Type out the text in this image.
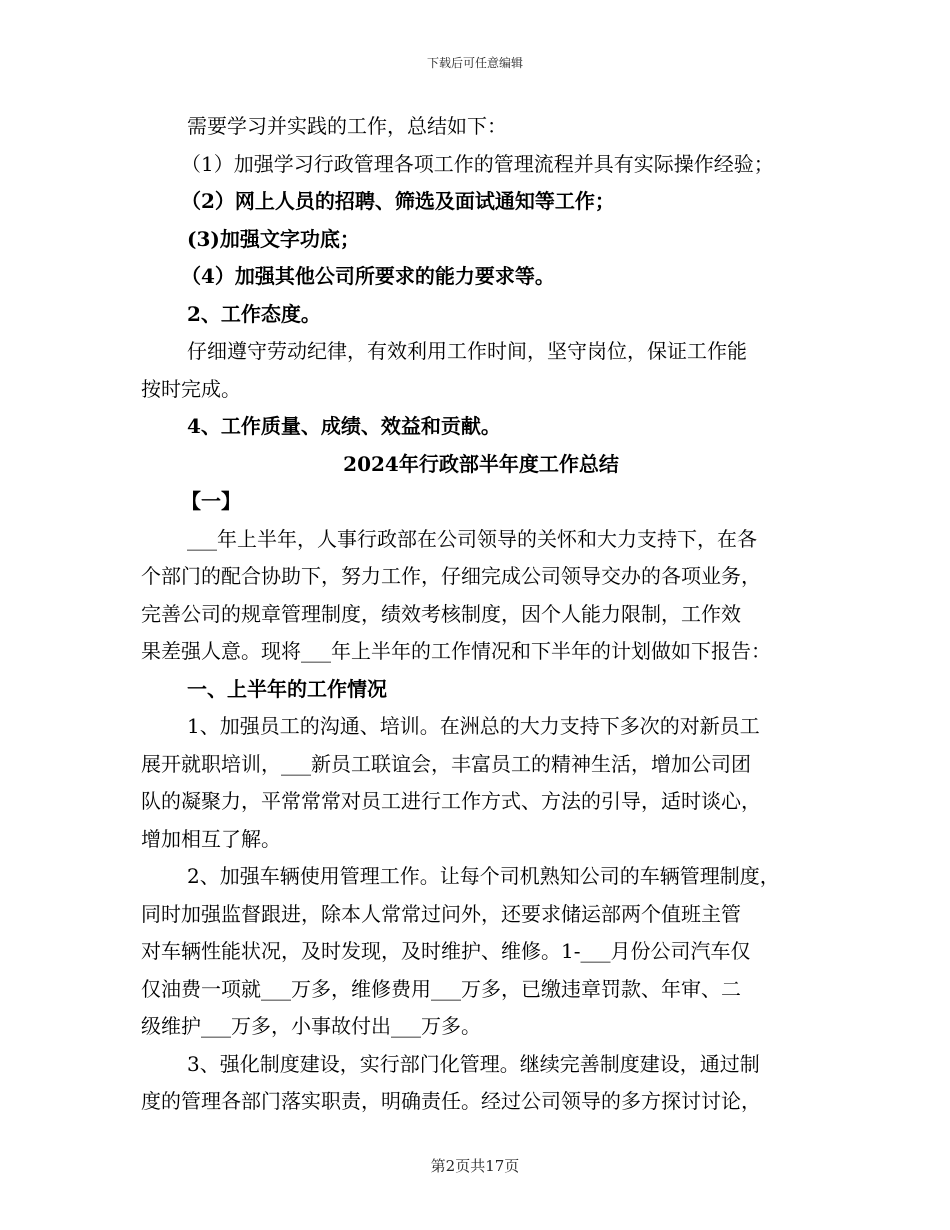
下载后可任意编辑
需要学习并实践的工作，总结如下：
（1）加强学习行政管理各项工作的管理流程并具有实际操作经验；
（2）网上人员的招聘、筛选及面试通知等工作；
(3)加强文字功底；
（4）加强其他公司所要求的能力要求等。
2、工作态度。
仔细遵守劳动纪律，有效利用工作时间，坚守岗位，保证工作能
按时完成。
4、工作质量、成绩、效益和贡献。
2024年行政部半年度工作总结
【一】
___年上半年，人事行政部在公司领导的关怀和大力支持下，在各
个部门的配合协助下，努力工作，仔细完成公司领导交办的各项业务，
完善公司的规章管理制度，绩效考核制度，因个人能力限制，工作效
果差强人意。现将___年上半年的工作情况和下半年的计划做如下报告：
一、上半年的工作情况
1、加强员工的沟通、培训。在洲总的大力支持下多次的对新员工
展开就职培训，___新员工联谊会，丰富员工的精神生活，增加公司团
队的凝聚力，平常常常对员工进行工作方式、方法的引导，适时谈心，
增加相互了解。
2、加强车辆使用管理工作。让每个司机熟知公司的车辆管理制度，
同时加强监督跟进，除本人常常过问外，还要求储运部两个值班主管
对车辆性能状况，及时发现，及时维护、维修。1-___月份公司汽车仅
仅油费一项就___万多，维修费用___万多，已缴违章罚款、年审、二
级维护___万多，小事故付出___万多。
3、强化制度建设，实行部门化管理。继续完善制度建设，通过制
度的管理各部门落实职责，明确责任。经过公司领导的多方探讨讨论，
第2页共17页
